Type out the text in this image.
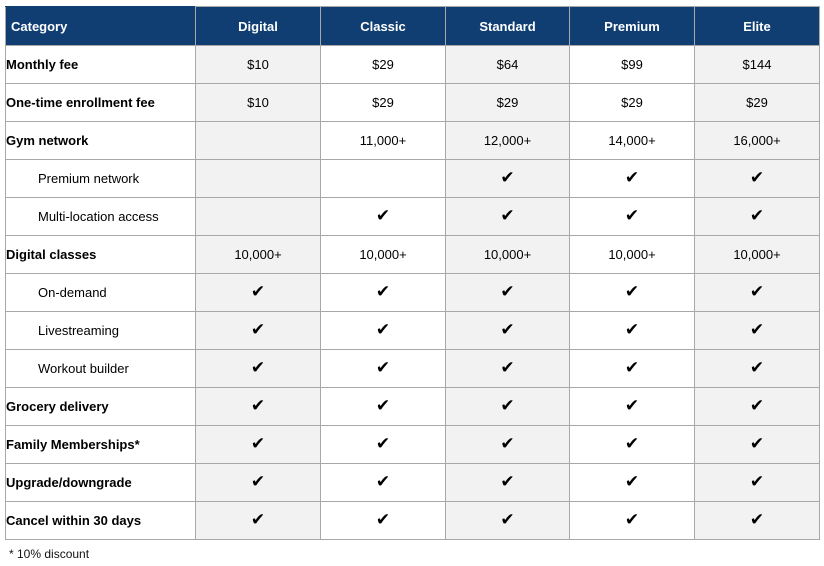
Category	Digital	Classic	Standard	Premium	Elite
Monthly fee	$10	$29	$64	$99	$144
One-time enrollment fee	$10	$29	$29	$29	$29
Gym network		11,000+	12,000+	14,000+	16,000+
Premium network			✔	✔	✔
Multi-location access		✔	✔	✔	✔
Digital classes	10,000+	10,000+	10,000+	10,000+	10,000+
On-demand	✔	✔	✔	✔	✔
Livestreaming	✔	✔	✔	✔	✔
Workout builder	✔	✔	✔	✔	✔
Grocery delivery	✔	✔	✔	✔	✔
Family Memberships*	✔	✔	✔	✔	✔
Upgrade/downgrade	✔	✔	✔	✔	✔
Cancel within 30 days	✔	✔	✔	✔	✔
* 10% discount
